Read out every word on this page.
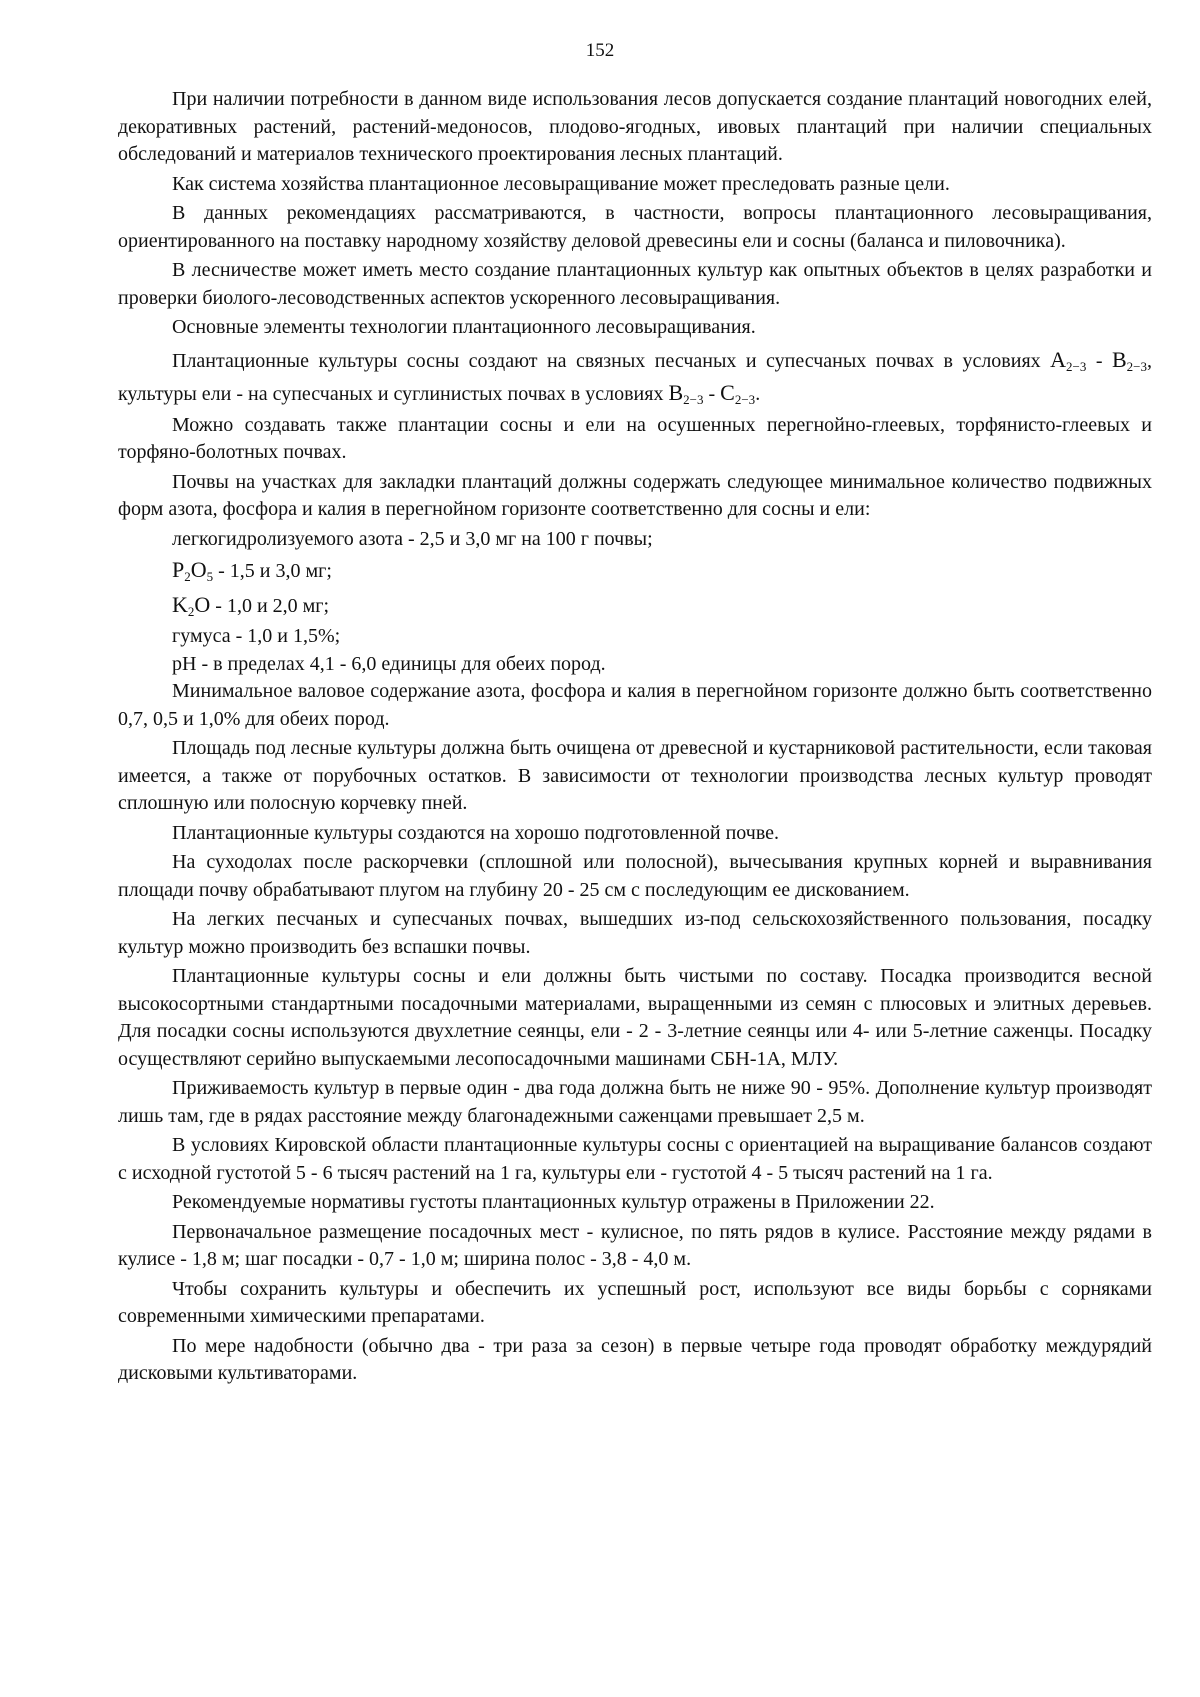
152

При наличии потребности в данном виде использования лесов допускается создание плантаций новогодних елей, декоративных растений, растений-медоносов, плодово-ягодных, ивовых плантаций при наличии специальных обследований и материалов технического проектирования лесных плантаций.

Как система хозяйства плантационное лесовыращивание может преследовать разные цели.

В данных рекомендациях рассматриваются, в частности, вопросы плантационного лесовыращивания, ориентированного на поставку народному хозяйству деловой древесины ели и сосны (баланса и пиловочника).

В лесничестве может иметь место создание плантационных культур как опытных объектов в целях разработки и проверки биолого-лесоводственных аспектов ускоренного лесовыращивания.

Основные элементы технологии плантационного лесовыращивания.

Плантационные культуры сосны создают на связных песчаных и супесчаных почвах в условиях $A_{2-3} - B_{2-3}$, культуры ели - на супесчаных и суглинистых почвах в условиях $B_{2-3} - C_{2-3}$.

Можно создавать также плантации сосны и ели на осушенных перегнойно-глеевых, торфянисто-глеевых и торфяно-болотных почвах.

Почвы на участках для закладки плантаций должны содержать следующее минимальное количество подвижных форм азота, фосфора и калия в перегнойном горизонте соответственно для сосны и ели:

легкогидролизуемого азота - 2,5 и 3,0 мг на 100 г почвы;

$P_2O_5 - 1,5$ и 3,0 мг;

$K_2O - 1,0$ и 2,0 мг;

гумуса - 1,0 и 1,5%;

рН - в пределах 4,1 - 6,0 единицы для обеих пород.

Минимальное валовое содержание азота, фосфора и калия в перегнойном горизонте должно быть соответственно 0,7, 0,5 и 1,0% для обеих пород.

Площадь под лесные культуры должна быть очищена от древесной и кустарниковой растительности, если таковая имеется, а также от порубочных остатков. В зависимости от технологии производства лесных культур проводят сплошную или полосную корчевку пней.

Плантационные культуры создаются на хорошо подготовленной почве.

На суходолах после раскорчевки (сплошной или полосной), вычесывания крупных корней и выравнивания площади почву обрабатывают плугом на глубину 20 - 25 см с последующим ее дискованием.

На легких песчаных и супесчаных почвах, вышедших из-под сельскохозяйственного пользования, посадку культур можно производить без вспашки почвы.

Плантационные культуры сосны и ели должны быть чистыми по составу. Посадка производится весной высокосортными стандартными посадочными материалами, выращенными из семян с плюсовых и элитных деревьев. Для посадки сосны используются двухлетние сеянцы, ели - 2 - 3-летние сеянцы или 4- или 5-летние саженцы. Посадку осуществляют серийно выпускаемыми лесопосадочными машинами СБН-1А, МЛУ.

Приживаемость культур в первые один - два года должна быть не ниже 90 - 95%. Дополнение культур производят лишь там, где в рядах расстояние между благонадежными саженцами превышает 2,5 м.

В условиях Кировской области плантационные культуры сосны с ориентацией на выращивание балансов создают с исходной густотой 5 - 6 тысяч растений на 1 га, культуры ели - густотой 4 - 5 тысяч растений на 1 га.

Рекомендуемые нормативы густоты плантационных культур отражены в Приложении 22.

Первоначальное размещение посадочных мест - кулисное, по пять рядов в кулисе. Расстояние между рядами в кулисе - 1,8 м; шаг посадки - 0,7 - 1,0 м; ширина полос - 3,8 - 4,0 м.

Чтобы сохранить культуры и обеспечить их успешный рост, используют все виды борьбы с сорняками современными химическими препаратами.

По мере надобности (обычно два - три раза за сезон) в первые четыре года проводят обработку междурядий дисковыми культиваторами.
